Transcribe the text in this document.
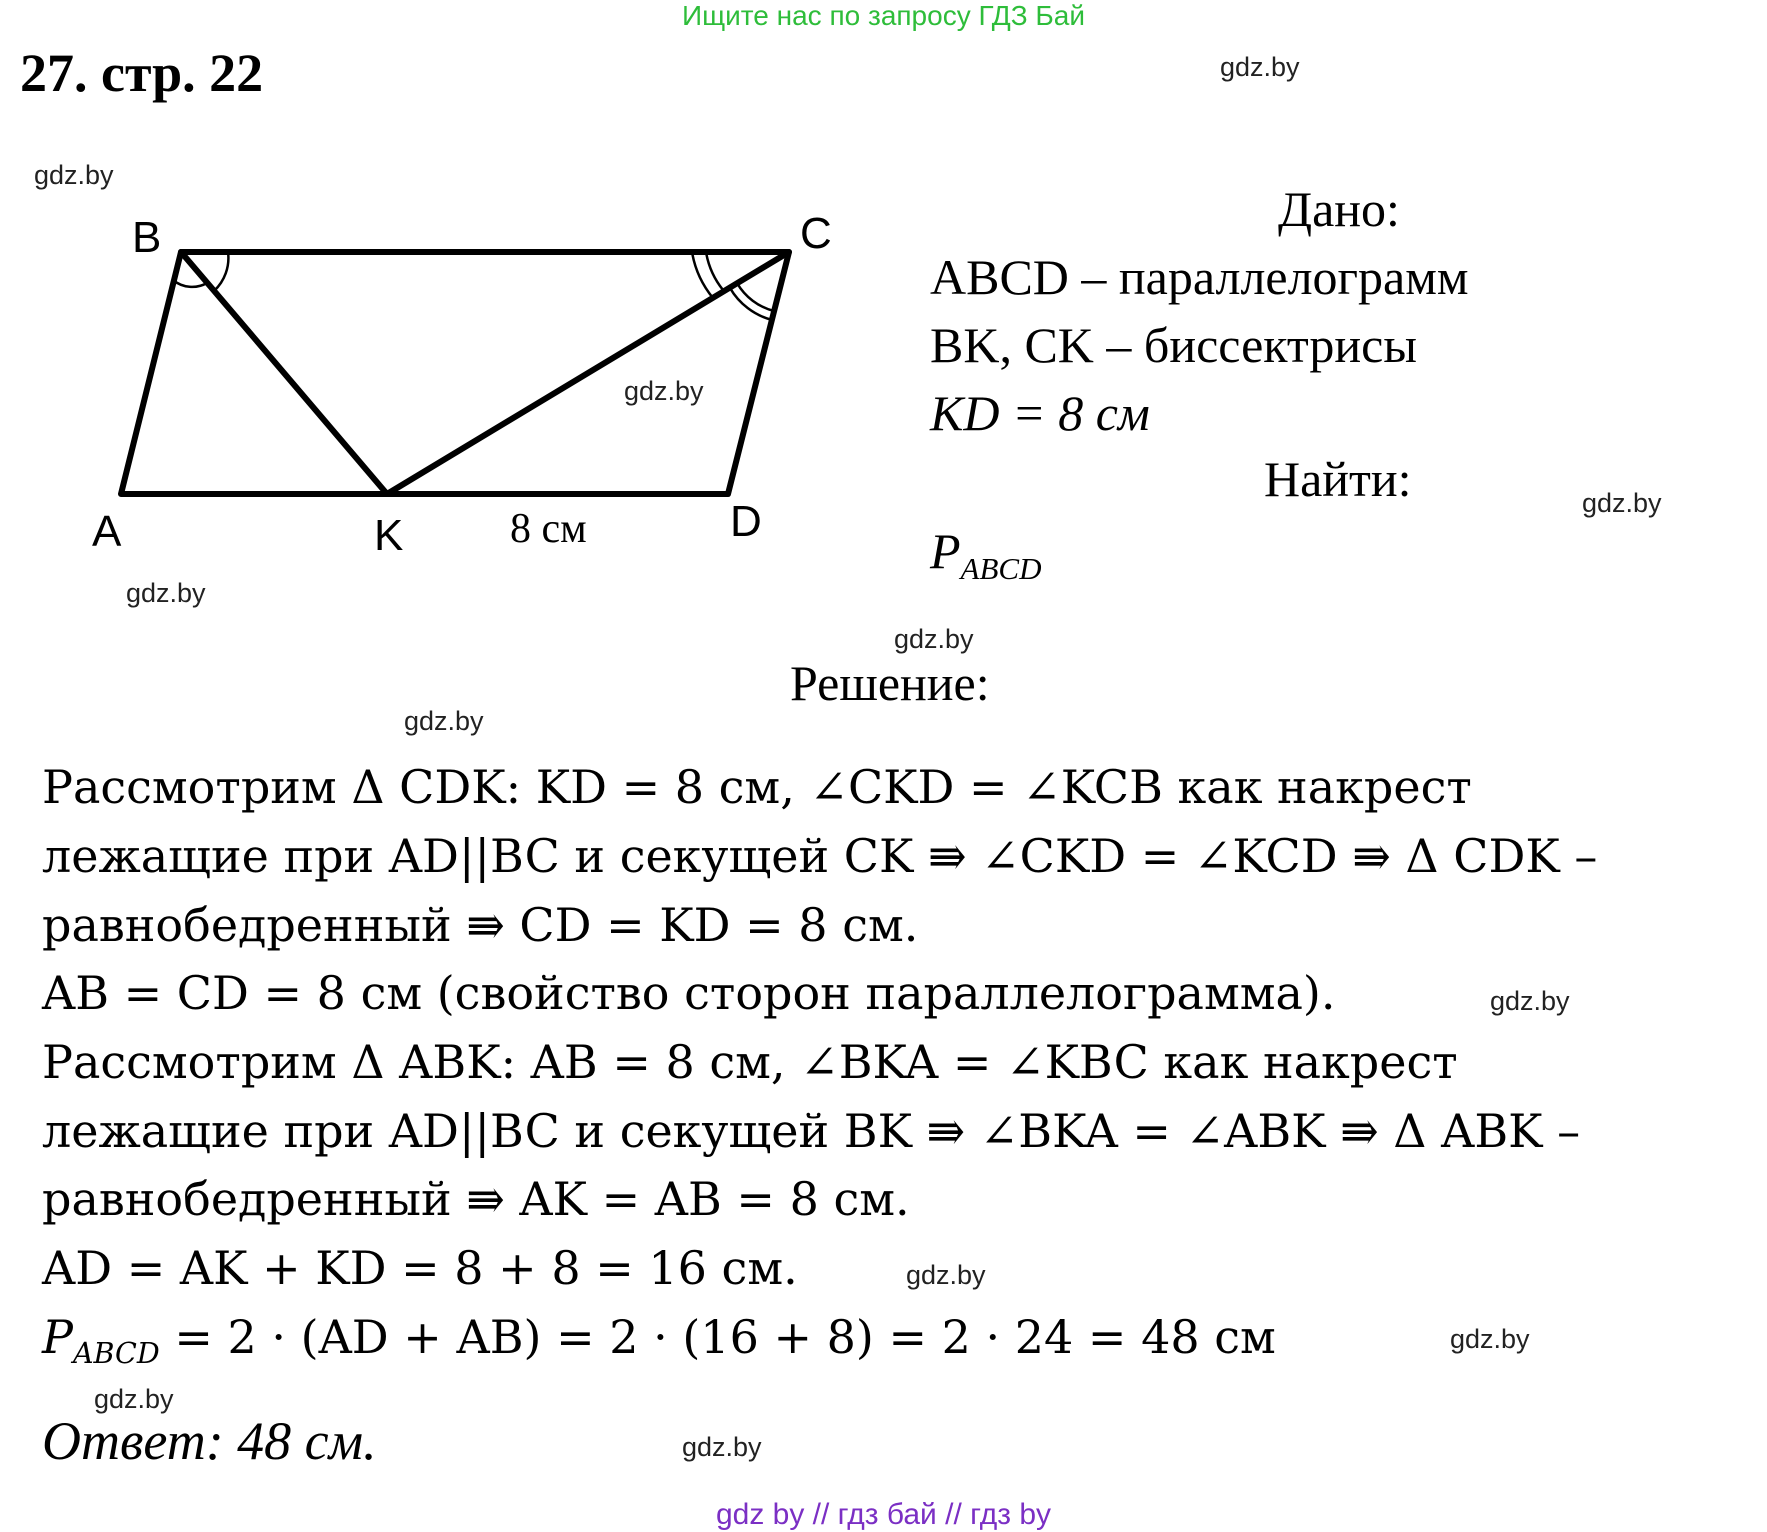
Ищите нас по запросу ГДЗ Бай
27. стр. 22	gdz.by
gdz.by
gdz.by
gdz.by
gdz.by
gdz.by
gdz.by
gdz.by
gdz.by
gdz.by
gdz.by
gdz.by
B	C
A	K	D
8 см
Дано:
ABCD – параллелограмм
BK, CK – биссектрисы
KD = 8 см
Найти:
$P_{ABCD}$
Решение:
Рассмотрим Δ CDK: KD = 8 см, ∠CKD = ∠KCB как накрест
лежащие при AD||BC и секущей CK ⇛ ∠CKD = ∠KCD ⇛ Δ CDK –
равнобедренный ⇛ CD = KD = 8 см.
AB = CD = 8 см (свойство сторон параллелограмма).
Рассмотрим Δ ABK: AB = 8 см, ∠BKA = ∠KBC как накрест
лежащие при AD||BC и секущей BK ⇛ ∠BKA = ∠ABK ⇛ Δ ABK –
равнобедренный ⇛ AK = AB = 8 см.
AD = AK + KD = 8 + 8 = 16 см.
$P_{ABCD} = 2 \cdot (AD + AB) = 2 \cdot (16 + 8) = 2 \cdot 24 = 48$ см
Ответ: 48 см.
gdz by // гдз бай // гдз by
